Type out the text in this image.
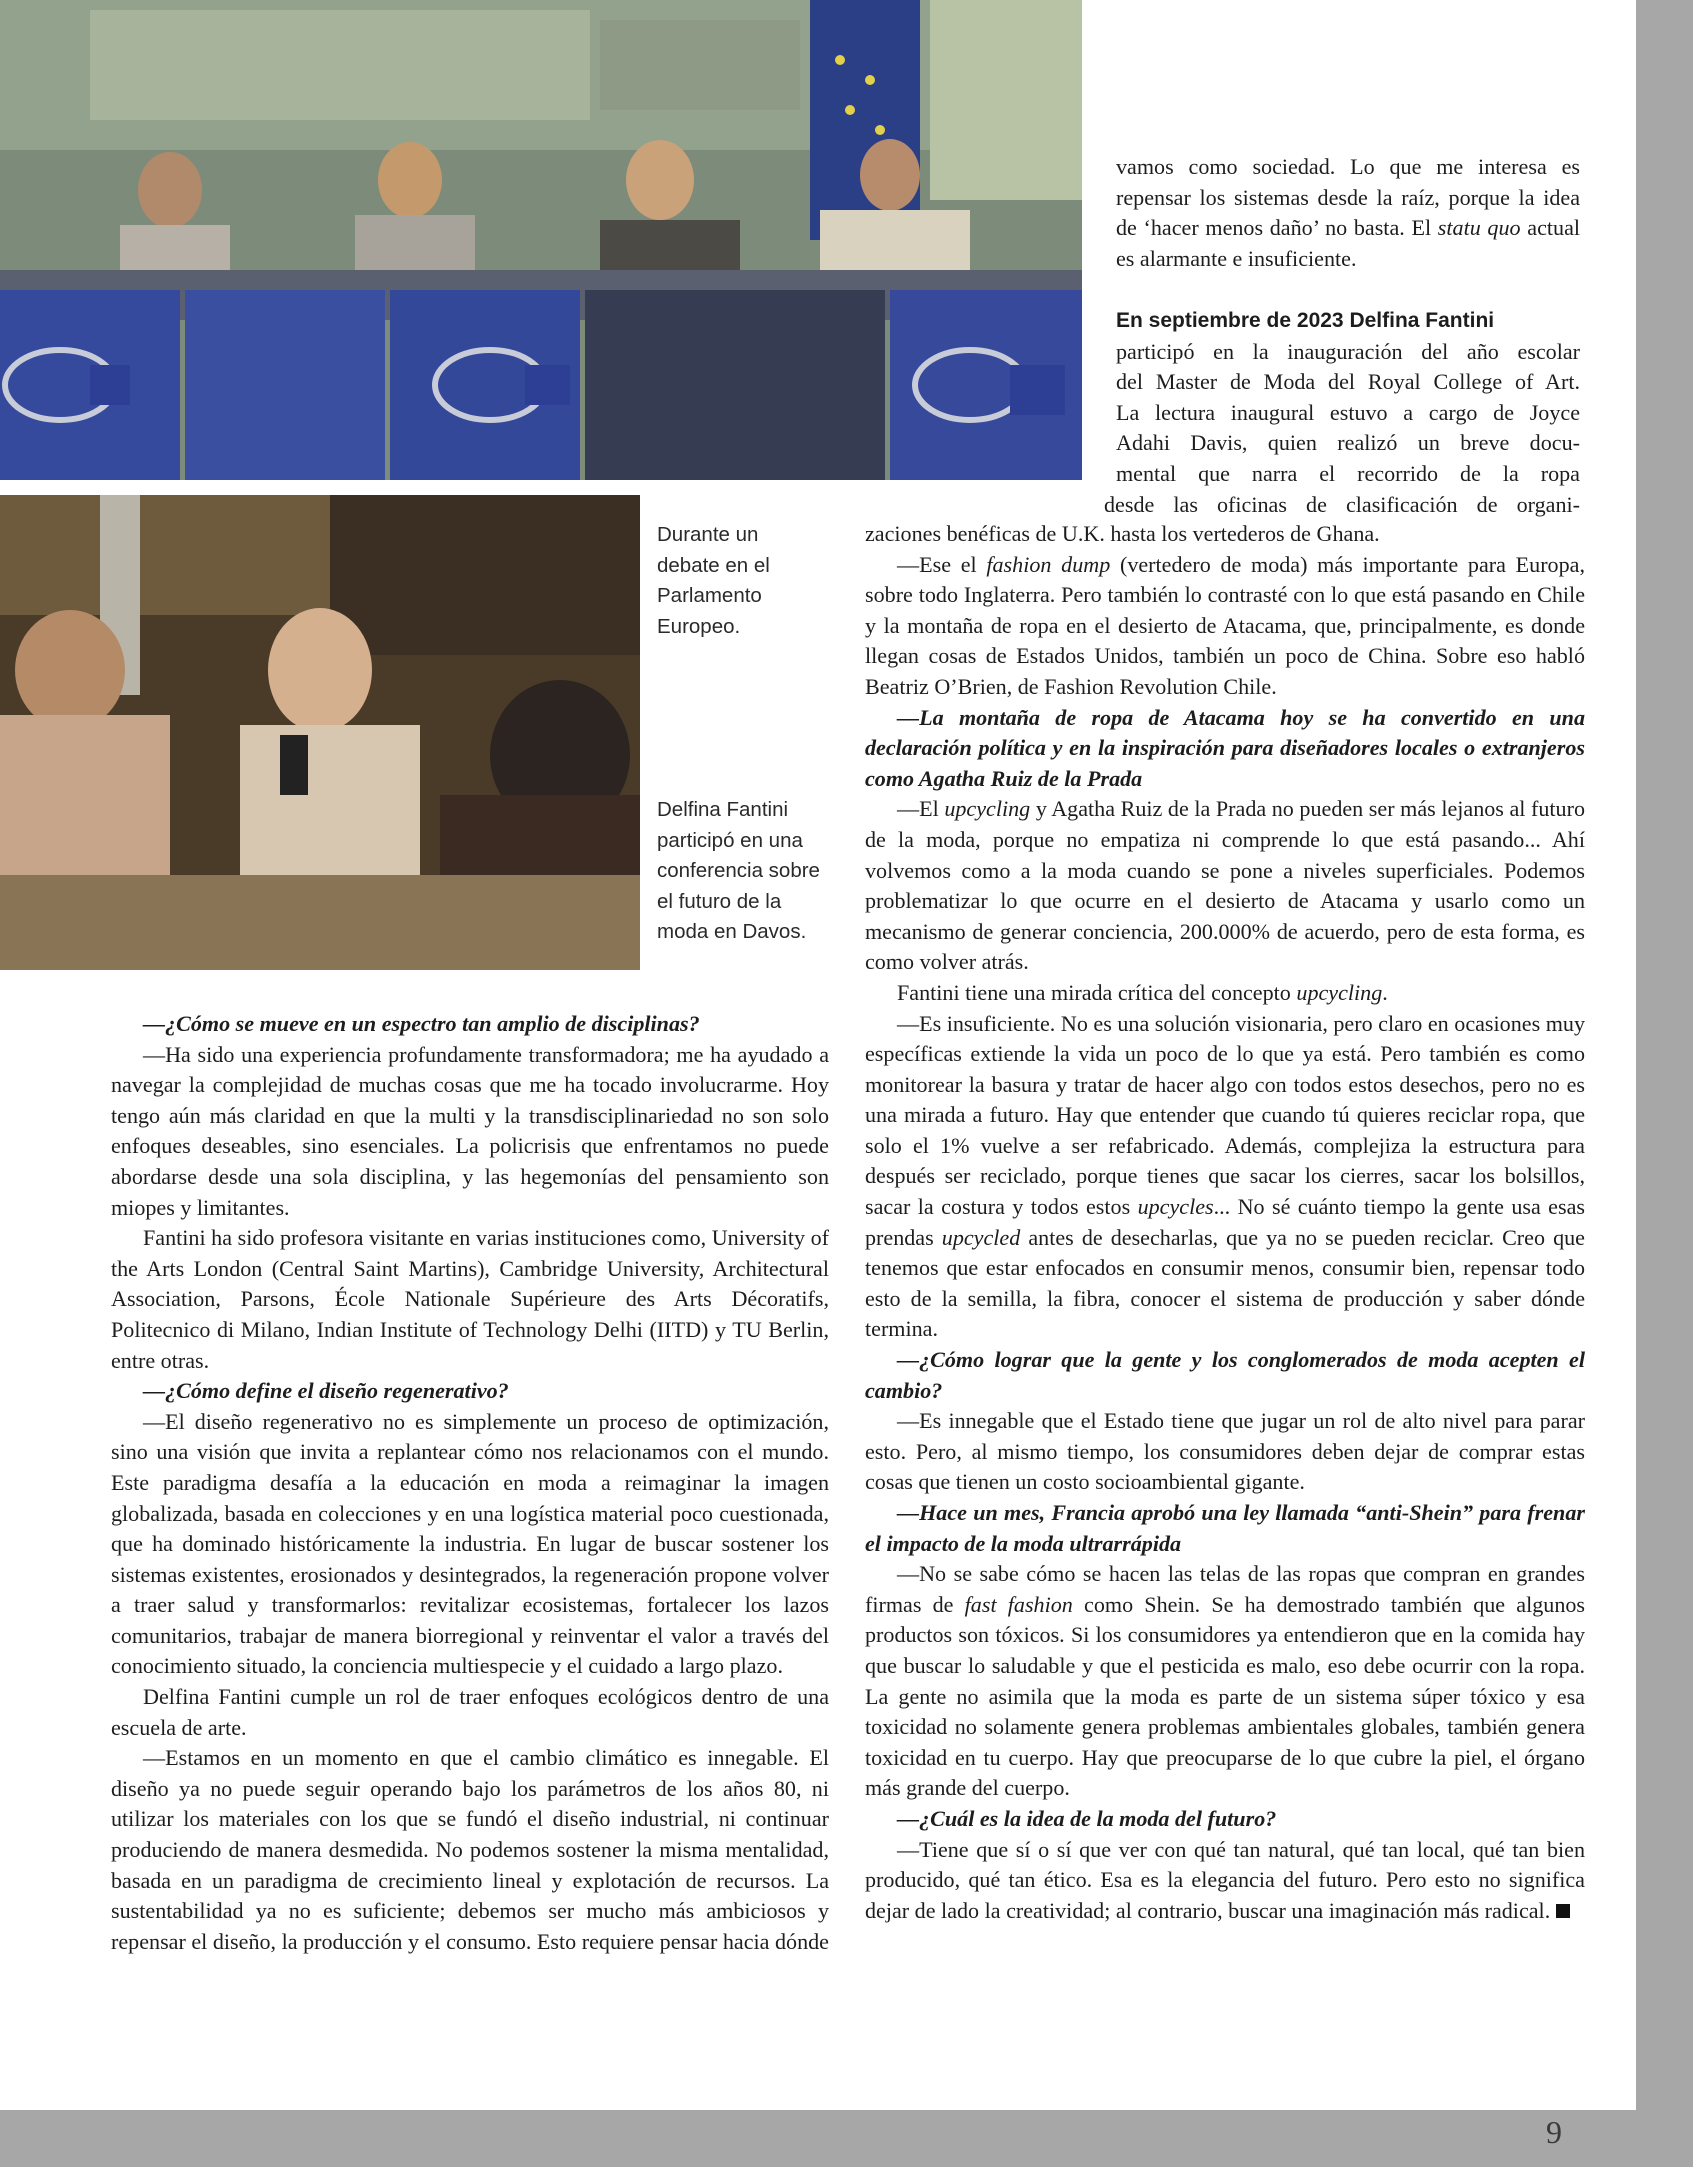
Durante un debate en el Parlamento Europeo.

Delfina Fantini participó en una conferencia sobre el futuro de la moda en Davos.

vamos como sociedad. Lo que me interesa es repensar los sistemas desde la raíz, porque la idea de ‘hacer menos daño’ no basta. El statu quo actual es alarmante e insuficiente.

En septiembre de 2023 Delfina Fantini

participó en la inauguración del año escolar

del Master de Moda del Royal College of Art.

La lectura inaugural estuvo a cargo de Joyce

Adahi Davis, quien realizó un breve docu-

mental que narra el recorrido de la ropa

desde las oficinas de clasificación de organi-

zaciones benéficas de U.K. hasta los vertederos de Ghana.

—Ese el fashion dump (vertedero de moda) más importante para Europa, sobre todo Inglaterra. Pero también lo contrasté con lo que está pasando en Chile y la montaña de ropa en el desierto de Atacama, que, principalmente, es donde llegan cosas de Estados Unidos, también un poco de China. Sobre eso habló Beatriz O’Brien, de Fashion Revolution Chile.

—La montaña de ropa de Atacama hoy se ha convertido en una declaración política y en la inspiración para diseñadores locales o extranjeros como Agatha Ruiz de la Prada

—El upcycling y Agatha Ruiz de la Prada no pueden ser más lejanos al futuro de la moda, porque no empatiza ni comprende lo que está pasando... Ahí volvemos como a la moda cuando se pone a niveles superficiales. Podemos problematizar lo que ocurre en el desierto de Atacama y usarlo como un mecanismo de generar conciencia, 200.000% de acuerdo, pero de esta forma, es como volver atrás.

Fantini tiene una mirada crítica del concepto upcycling.

—Es insuficiente. No es una solución visionaria, pero claro en ocasiones muy específicas extiende la vida un poco de lo que ya está. Pero también es como monitorear la basura y tratar de hacer algo con todos estos desechos, pero no es una mirada a futuro. Hay que entender que cuando tú quieres reciclar ropa, que solo el 1% vuelve a ser refabricado. Además, complejiza la estructura para después ser reciclado, porque tienes que sacar los cierres, sacar los bolsillos, sacar la costura y todos estos upcycles... No sé cuánto tiempo la gente usa esas prendas upcycled antes de desecharlas, que ya no se pueden reciclar. Creo que tenemos que estar enfocados en consumir menos, consumir bien, repensar todo esto de la semilla, la fibra, conocer el sistema de producción y saber dónde termina.

—¿Cómo lograr que la gente y los conglomerados de moda acepten el cambio?

—Es innegable que el Estado tiene que jugar un rol de alto nivel para parar esto. Pero, al mismo tiempo, los consumidores deben dejar de comprar estas cosas que tienen un costo socioambiental gigante.

—Hace un mes, Francia aprobó una ley llamada “anti-Shein” para frenar el impacto de la moda ultrarrápida

—No se sabe cómo se hacen las telas de las ropas que compran en grandes firmas de fast fashion como Shein. Se ha demostrado también que algunos productos son tóxicos. Si los consumidores ya entendieron que en la comida hay que buscar lo saludable y que el pesticida es malo, eso debe ocurrir con la ropa. La gente no asimila que la moda es parte de un sistema súper tóxico y esa toxicidad no solamente genera problemas ambientales globales, también genera toxicidad en tu cuerpo. Hay que preocuparse de lo que cubre la piel, el órgano más grande del cuerpo.

—¿Cuál es la idea de la moda del futuro?

—Tiene que sí o sí que ver con qué tan natural, qué tan local, qué tan bien producido, qué tan ético. Esa es la elegancia del futuro. Pero esto no significa dejar de lado la creatividad; al contrario, buscar una imaginación más radical.

—¿Cómo se mueve en un espectro tan amplio de disciplinas?

—Ha sido una experiencia profundamente transformadora; me ha ayudado a navegar la complejidad de muchas cosas que me ha tocado involucrarme. Hoy tengo aún más claridad en que la multi y la transdisciplinariedad no son solo enfoques deseables, sino esenciales. La policrisis que enfrentamos no puede abordarse desde una sola disciplina, y las hegemonías del pensamiento son miopes y limitantes.

Fantini ha sido profesora visitante en varias instituciones como, University of the Arts London (Central Saint Martins), Cambridge University, Architectural Association, Parsons, École Nationale Supérieure des Arts Décoratifs, Politecnico di Milano, Indian Institute of Technology Delhi (IITD) y TU Berlin, entre otras.

—¿Cómo define el diseño regenerativo?

—El diseño regenerativo no es simplemente un proceso de optimización, sino una visión que invita a replantear cómo nos relacionamos con el mundo. Este paradigma desafía a la educación en moda a reimaginar la imagen globalizada, basada en colecciones y en una logística material poco cuestionada, que ha dominado históricamente la industria. En lugar de buscar sostener los sistemas existentes, erosionados y desintegrados, la regeneración propone volver a traer salud y transformarlos: revitalizar ecosistemas, fortalecer los lazos comunitarios, trabajar de manera biorregional y reinventar el valor a través del conocimiento situado, la conciencia multiespecie y el cuidado a largo plazo.

Delfina Fantini cumple un rol de traer enfoques ecológicos dentro de una escuela de arte.

—Estamos en un momento en que el cambio climático es innegable. El diseño ya no puede seguir operando bajo los parámetros de los años 80, ni utilizar los materiales con los que se fundó el diseño industrial, ni continuar produciendo de manera desmedida. No podemos sostener la misma mentalidad, basada en un paradigma de crecimiento lineal y explotación de recursos. La sustentabilidad ya no es suficiente; debemos ser mucho más ambiciosos y repensar el diseño, la producción y el consumo. Esto requiere pensar hacia dónde

9
